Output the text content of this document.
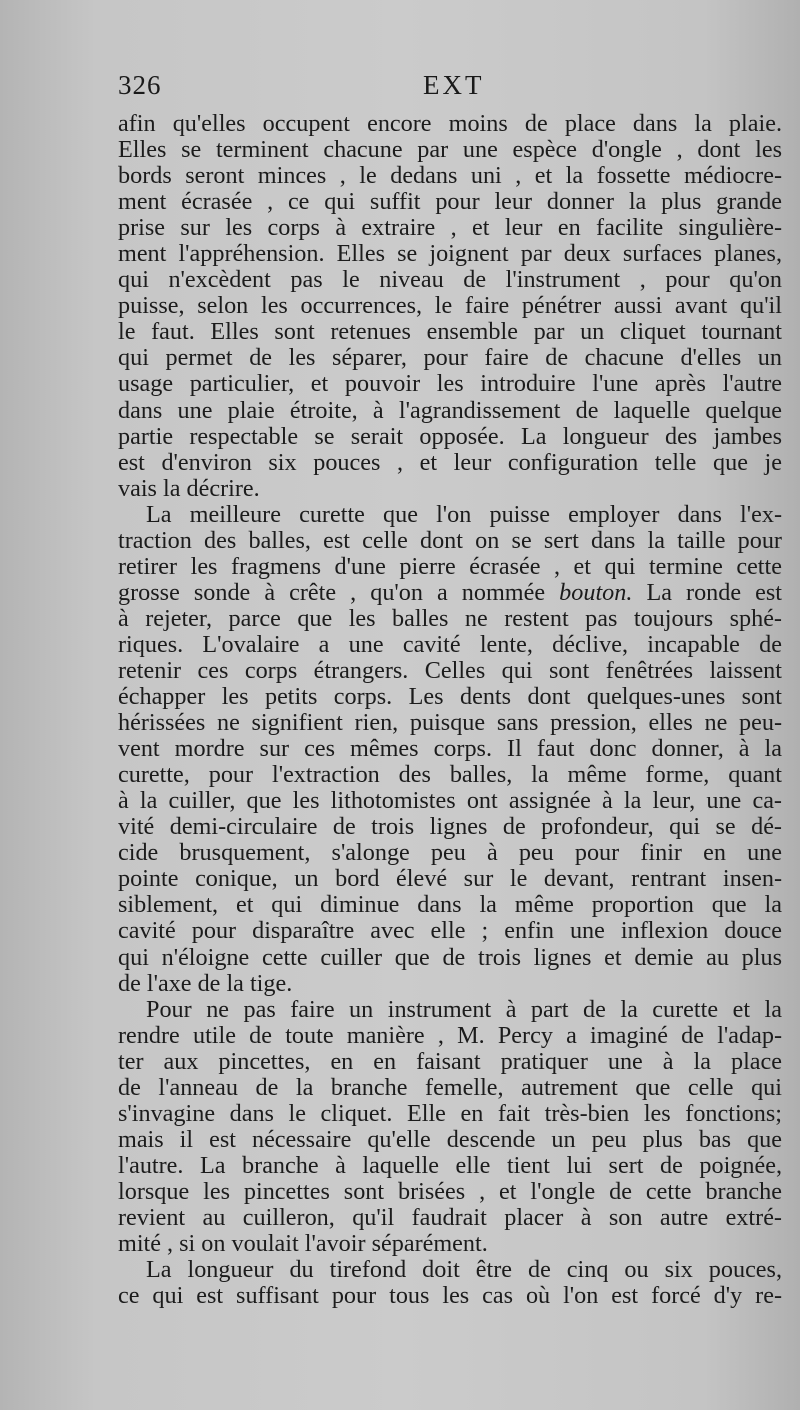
326	EXT
afin qu'elles occupent encore moins de place dans la plaie.
Elles se terminent chacune par une espèce d'ongle , dont les
bords seront minces , le dedans uni , et la fossette médiocre-
ment écrasée , ce qui suffit pour leur donner la plus grande
prise sur les corps à extraire , et leur en facilite singulière-
ment l'appréhension. Elles se joignent par deux surfaces planes,
qui n'excèdent pas le niveau de l'instrument , pour qu'on
puisse, selon les occurrences, le faire pénétrer aussi avant qu'il
le faut. Elles sont retenues ensemble par un cliquet tournant
qui permet de les séparer, pour faire de chacune d'elles un
usage particulier, et pouvoir les introduire l'une après l'autre
dans une plaie étroite, à l'agrandissement de laquelle quelque
partie respectable se serait opposée. La longueur des jambes
est d'environ six pouces , et leur configuration telle que je
vais la décrire.
La meilleure curette que l'on puisse employer dans l'ex-
traction des balles, est celle dont on se sert dans la taille pour
retirer les fragmens d'une pierre écrasée , et qui termine cette
grosse sonde à crête , qu'on a nommée bouton. La ronde est
à rejeter, parce que les balles ne restent pas toujours sphé-
riques. L'ovalaire a une cavité lente, déclive, incapable de
retenir ces corps étrangers. Celles qui sont fenêtrées laissent
échapper les petits corps. Les dents dont quelques-unes sont
hérissées ne signifient rien, puisque sans pression, elles ne peu-
vent mordre sur ces mêmes corps. Il faut donc donner, à la
curette, pour l'extraction des balles, la même forme, quant
à la cuiller, que les lithotomistes ont assignée à la leur, une ca-
vité demi-circulaire de trois lignes de profondeur, qui se dé-
cide brusquement, s'alonge peu à peu pour finir en une
pointe conique, un bord élevé sur le devant, rentrant insen-
siblement, et qui diminue dans la même proportion que la
cavité pour disparaître avec elle ; enfin une inflexion douce
qui n'éloigne cette cuiller que de trois lignes et demie au plus
de l'axe de la tige.
Pour ne pas faire un instrument à part de la curette et la
rendre utile de toute manière , M. Percy a imaginé de l'adap-
ter aux pincettes, en en faisant pratiquer une à la place
de l'anneau de la branche femelle, autrement que celle qui
s'invagine dans le cliquet. Elle en fait très-bien les fonctions;
mais il est nécessaire qu'elle descende un peu plus bas que
l'autre. La branche à laquelle elle tient lui sert de poignée,
lorsque les pincettes sont brisées , et l'ongle de cette branche
revient au cuilleron, qu'il faudrait placer à son autre extré-
mité , si on voulait l'avoir séparément.
La longueur du tirefond doit être de cinq ou six pouces,
ce qui est suffisant pour tous les cas où l'on est forcé d'y re-
